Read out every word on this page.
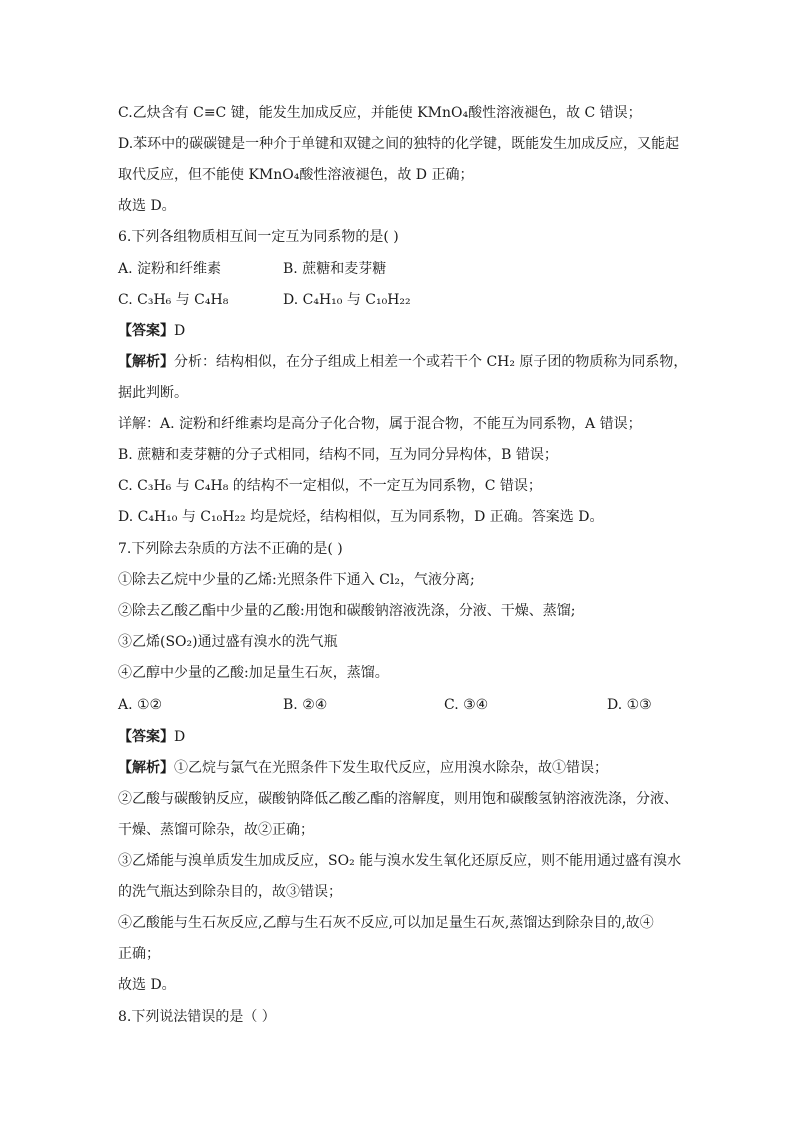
C.乙炔含有 C≡C 键，能发生加成反应，并能使 KMnO₄酸性溶液褪色，故 C 错误；
D.苯环中的碳碳键是一种介于单键和双键之间的独特的化学键，既能发生加成反应，又能起
取代反应，但不能使 KMnO₄酸性溶液褪色，故 D 正确；
故选 D。
6.下列各组物质相互间一定互为同系物的是( )
A. 淀粉和纤维素	B. 蔗糖和麦芽糖
C. C₃H₆ 与 C₄H₈	D. C₄H₁₀ 与 C₁₀H₂₂
【答案】D
【解析】分析：结构相似，在分子组成上相差一个或若干个 CH₂ 原子团的物质称为同系物，
据此判断。
详解：A. 淀粉和纤维素均是高分子化合物，属于混合物，不能互为同系物，A 错误；
B. 蔗糖和麦芽糖的分子式相同，结构不同，互为同分异构体，B 错误；
C. C₃H₆ 与 C₄H₈ 的结构不一定相似，不一定互为同系物，C 错误；
D. C₄H₁₀ 与 C₁₀H₂₂ 均是烷烃，结构相似，互为同系物，D 正确。答案选 D。
7.下列除去杂质的方法不正确的是( )
①除去乙烷中少量的乙烯:光照条件下通入 Cl₂，气液分离;
②除去乙酸乙酯中少量的乙酸:用饱和碳酸钠溶液洗涤，分液、干燥、蒸馏;
③乙烯(SO₂)通过盛有溴水的洗气瓶
④乙醇中少量的乙酸:加足量生石灰，蒸馏。
A. ①②	B. ②④	C. ③④	D. ①③
【答案】D
【解析】①乙烷与氯气在光照条件下发生取代反应，应用溴水除杂，故①错误；
②乙酸与碳酸钠反应，碳酸钠降低乙酸乙酯的溶解度，则用饱和碳酸氢钠溶液洗涤，分液、
干燥、蒸馏可除杂，故②正确；
③乙烯能与溴单质发生加成反应，SO₂ 能与溴水发生氧化还原反应，则不能用通过盛有溴水
的洗气瓶达到除杂目的，故③错误；
④乙酸能与生石灰反应,乙醇与生石灰不反应,可以加足量生石灰,蒸馏达到除杂目的,故④
正确；
故选 D。
8.下列说法错误的是（ ）
